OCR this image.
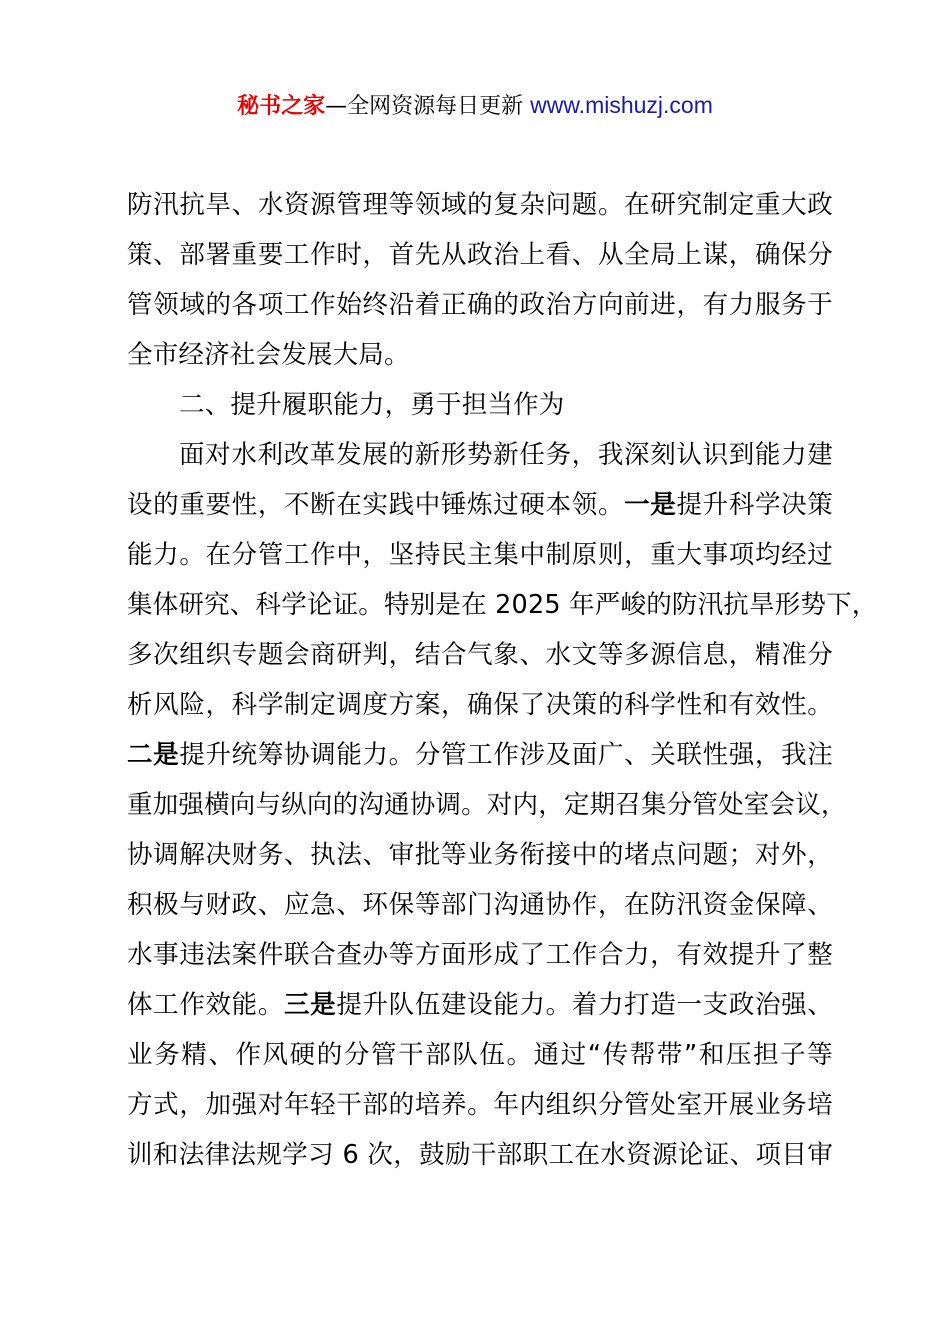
秘书之家—全网资源每日更新 www.mishuzj.com
防汛抗旱、水资源管理等领域的复杂问题。在研究制定重大政
策、部署重要工作时，首先从政治上看、从全局上谋，确保分
管领域的各项工作始终沿着正确的政治方向前进，有力服务于
全市经济社会发展大局。
二、提升履职能力，勇于担当作为
面对水利改革发展的新形势新任务，我深刻认识到能力建
设的重要性，不断在实践中锤炼过硬本领。一是提升科学决策
能力。在分管工作中，坚持民主集中制原则，重大事项均经过
集体研究、科学论证。特别是在 2025 年严峻的防汛抗旱形势下，
多次组织专题会商研判，结合气象、水文等多源信息，精准分
析风险，科学制定调度方案，确保了决策的科学性和有效性。
二是提升统筹协调能力。分管工作涉及面广、关联性强，我注
重加强横向与纵向的沟通协调。对内，定期召集分管处室会议，
协调解决财务、执法、审批等业务衔接中的堵点问题；对外，
积极与财政、应急、环保等部门沟通协作，在防汛资金保障、
水事违法案件联合查办等方面形成了工作合力，有效提升了整
体工作效能。三是提升队伍建设能力。着力打造一支政治强、
业务精、作风硬的分管干部队伍。通过“传帮带”和压担子等
方式，加强对年轻干部的培养。年内组织分管处室开展业务培
训和法律法规学习 6 次，鼓励干部职工在水资源论证、项目审
